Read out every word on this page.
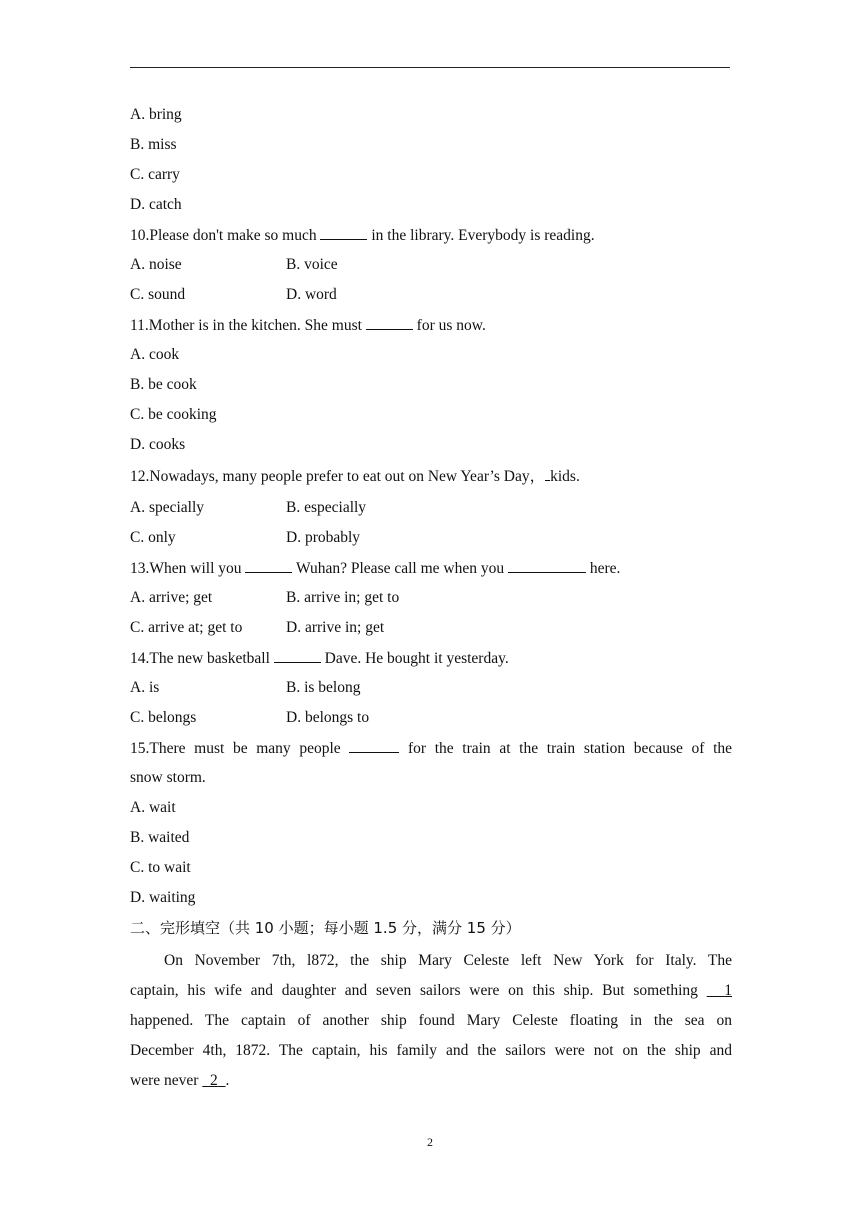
A. bring
B. miss
C. carry
D. catch
10.Please don't make so much	in the library. Everybody is reading.
A. noise	B. voice
C. sound	D. word
11.Mother is in the kitchen. She must	for us now.
A. cook
B. be cook
C. be cooking
D. cooks
12.Nowadays, many people prefer to eat out on New Year’s Day， kids.
A. specially	B. especially
C. only	D. probably
13.When will you	Wuhan? Please call me when you	here.
A. arrive; get	B. arrive in; get to
C. arrive at; get to	D. arrive in; get
14.The new basketball	Dave. He bought it yesterday.
A. is	B. is belong
C. belongs	D. belongs to
15.There must be many people	for the train at the train station because of the
snow storm.
A. wait
B. waited
C. to wait
D. waiting
二、完形填空（共 10 小题；每小题 1.5 分，满分 15 分）
On November 7th, l872, the ship Mary Celeste left New York for Italy. The
captain, his wife and daughter and seven sailors were on this ship. But something 1
happened. The captain of another ship found Mary Celeste floating in the sea on
December 4th, 1872. The captain, his family and the sailors were not on the ship and
were never 2 .
2
